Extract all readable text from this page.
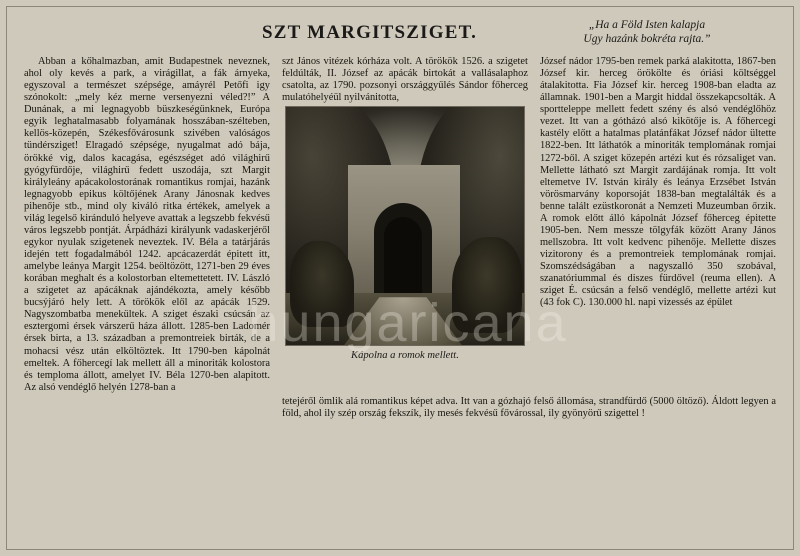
SZT MARGITSZIGET.	„Ha a Föld Isten kalapja
Ugy hazánk bokréta rajta.”

Abban a kőhalmazban, amit Budapestnek neveznek, ahol oly kevés a park, a virágillat, a fák árnyeka, egyszoval a természet szépsége, amáyrél Petőfi igy szónokolt: „mely kéz merne versenyezni véled?!” A Dunának, a mi legnagyobb büszkeségünknek, Európa egyik leghatalmasabb folyamának hosszában-szélteben, kellös-közepén, Székesfővárosunk szivében valóságos tündérsziget! Elragadó szépsége, nyugalmat adó bája, örökké vig, dalos kacagása, egészséget adó világhirű gyógyfürdője, világhirű fedett uszodája, szt Margit királyleány apácakolostorának romantikus romjai, hazánk legnagyobb epikus költőjének Arany Jánosnak kedves pihenője stb., mind oly kiváló ritka értékek, amelyek a világ legelső kiránduló helyeve avattak a legszebb fekvésű város legszebb pontját. Árpádházi királyunk vadaskerjéről egykor nyulak szigetenek neveztek. IV. Béla a tatárjárás idején tett fogadalmából 1242. apcácazerdát épitett itt, amelybe leánya Margit 1254. beöltözött, 1271-ben 29 éves korában meghalt és a kolostorban eltemettetett. IV. László a szigetet az apácáknak ajándékozta, amely később bucsýjáró hely lett. A törökök elől az apácák 1529. Nagyszombatba menekültek. A sziget északi csúcsán az esztergomi érsek várszerű háza állott. 1285-ben Ladomér érsek birta, a 13. században a premontreiek birták, de a mohacsi vész után elköltöztek. Itt 1790-ben kápolnát emeltek. A főhercegí lak mellett áll a minoriták kolostora és temploma állott, amelyet IV. Béla 1270-ben alapitott. Az alsó vendéglő helyén 1278-ban a

szt János vitézek kórháza volt. A törökök 1526. a szigetet feldúlták, II. József az apácák birtokát a vallásalaphoz csatolta, az 1790. pozsonyi országgyűlés Sándor főherceg mulatóhelyéül nyilvánitotta,

Kápolna a romok mellett.

József nádor 1795-ben remek parká alakitotta, 1867-ben József kir. herceg örökölte és óriási költséggel átalakitotta. Fia József kir. herceg 1908-ban eladta az államnak. 1901-ben a Margit hiddal összekapcsolták. A sportteleppe mellett fedett szény és alsó vendéglőhöz vezet. Itt van a gótházó alsó kikötője is. A főhercegi kastély előtt a hatalmas platánfákat József nádor ültette 1822-ben. Itt láthatók a minoriták templomának romjai 1272-ből. A sziget közepén artézi kut és rózsaliget van. Mellette látható szt Margit zardájának romja. Itt volt eltemetve IV. István király és leánya Erzsébet István vörösmarvány koporsoját 1838-ban megtalálták és a benne talált ezüstkoronát a Nemzeti Muzeumban őrzik. A romok előtt álló kápolnát József főherceg épitette 1905-ben. Nem messze tölgyfák között Arany János mellszobra. Itt volt kedvenc pihenője. Mellette diszes vizitorony és a premontreiek templomának romjai. Szomszédságában a nagyszalló 350 szobával, szanatóriummal és diszes fürdővel (reuma ellen). A sziget É. csúcsán a felső vendéglő, mellette artézi kut (43 fok C). 130.000 hl. napi vizessés az épület

hungaricana
tetejéről ömlik alá romantikus képet adva. Itt van a gózhajó felső állomása, strandfürdő (5000 öltöző). Áldott legyen a föld, ahol ily szép ország fekszík, ily mesés fekvésű fővárossal, ily gyönyörű szigettel !
